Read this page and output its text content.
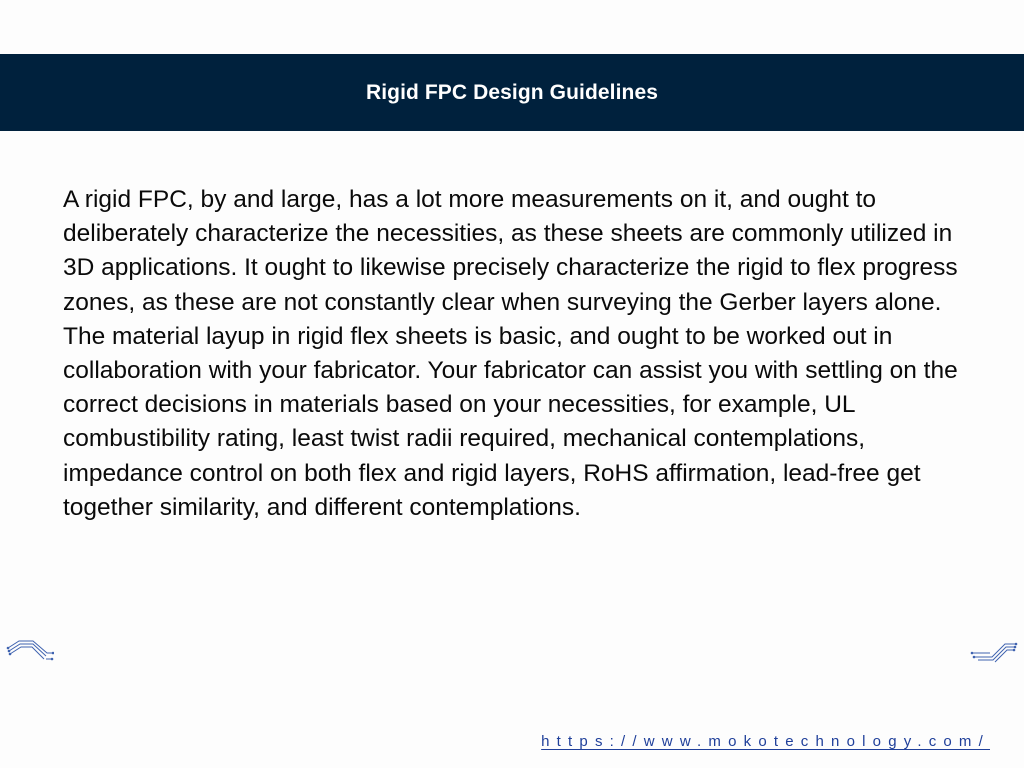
Rigid FPC Design Guidelines

A rigid FPC, by and large, has a lot more measurements on it, and ought to deliberately characterize the necessities, as these sheets are commonly utilized in 3D applications. It ought to likewise precisely characterize the rigid to flex progress zones, as these are not constantly clear when surveying the Gerber layers alone.

The material layup in rigid flex sheets is basic, and ought to be worked out in collaboration with your fabricator. Your fabricator can assist you with settling on the correct decisions in materials based on your necessities, for example, UL combustibility rating, least twist radii required, mechanical contemplations, impedance control on both flex and rigid layers, RoHS affirmation, lead-free get together similarity, and different contemplations.

https://www.mokotechnology.com/
